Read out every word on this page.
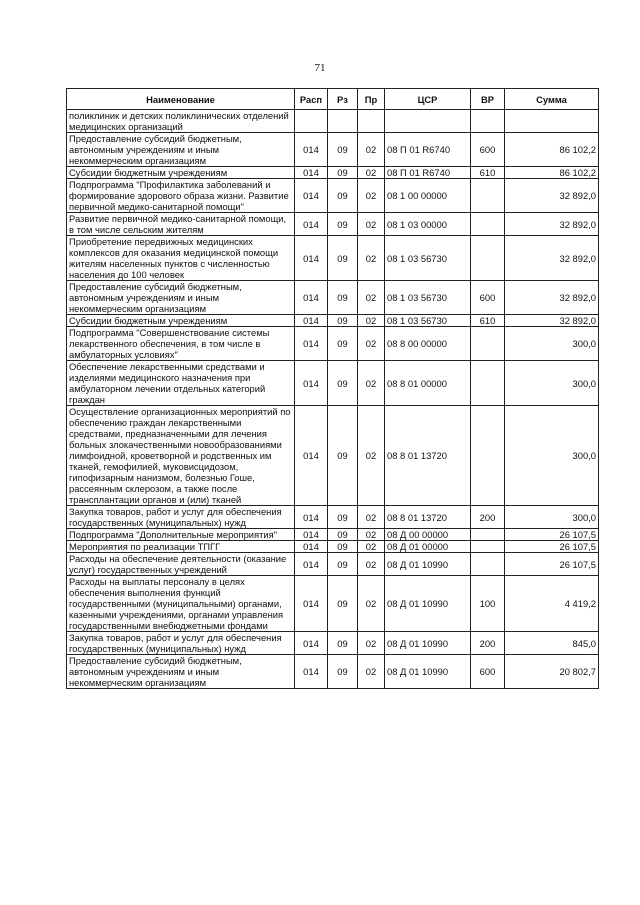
71
Наименование	Расп	Рз	Пр	ЦСР	ВР	Сумма
поликлиник и детских поликлинических отделений медицинских организаций						
Предоставление субсидий бюджетным, автономным учреждениям и иным некоммерческим организациям	014	09	02	08 П 01 R6740	600	86 102,2
Субсидии бюджетным учреждениям	014	09	02	08 П 01 R6740	610	86 102,2
Подпрограмма "Профилактика заболеваний и формирование здорового образа жизни. Развитие первичной медико-санитарной помощи"	014	09	02	08 1 00 00000		32 892,0
Развитие первичной медико-санитарной помощи, в том числе сельским жителям	014	09	02	08 1 03 00000		32 892,0
Приобретение передвижных медицинских комплексов для оказания медицинской помощи жителям населенных пунктов с численностью населения до 100 человек	014	09	02	08 1 03 56730		32 892,0
Предоставление субсидий бюджетным, автономным учреждениям и иным некоммерческим организациям	014	09	02	08 1 03 56730	600	32 892,0
Субсидии бюджетным учреждениям	014	09	02	08 1 03 56730	610	32 892,0
Подпрограмма "Совершенствование системы лекарственного обеспечения, в том числе в амбулаторных условиях"	014	09	02	08 8 00 00000		300,0
Обеспечение лекарственными средствами и изделиями медицинского назначения при амбулаторном лечении отдельных категорий граждан	014	09	02	08 8 01 00000		300,0
Осуществление организационных мероприятий по обеспечению граждан лекарственными средствами, предназначенными для лечения больных злокачественными новообразованиями лимфоидной, кроветворной и родственных им тканей, гемофилией, муковисцидозом, гипофизарным нанизмом, болезнью Гоше, рассеянным склерозом, а также после трансплантации органов и (или) тканей	014	09	02	08 8 01 13720		300,0
Закупка товаров, работ и услуг для обеспечения государственных (муниципальных) нужд	014	09	02	08 8 01 13720	200	300,0
Подпрограмма "Дополнительные мероприятия"	014	09	02	08 Д 00 00000		26 107,5
Мероприятия по реализации ТПГГ	014	09	02	08 Д 01 00000		26 107,5
Расходы на обеспечение деятельности (оказание услуг) государственных учреждений	014	09	02	08 Д 01 10990		26 107,5
Расходы на выплаты персоналу в целях обеспечения выполнения функций государственными (муниципальными) органами, казенными учреждениями, органами управления государственными внебюджетными фондами	014	09	02	08 Д 01 10990	100	4 419,2
Закупка товаров, работ и услуг для обеспечения государственных (муниципальных) нужд	014	09	02	08 Д 01 10990	200	845,0
Предоставление субсидий бюджетным, автономным учреждениям и иным некоммерческим организациям	014	09	02	08 Д 01 10990	600	20 802,7
